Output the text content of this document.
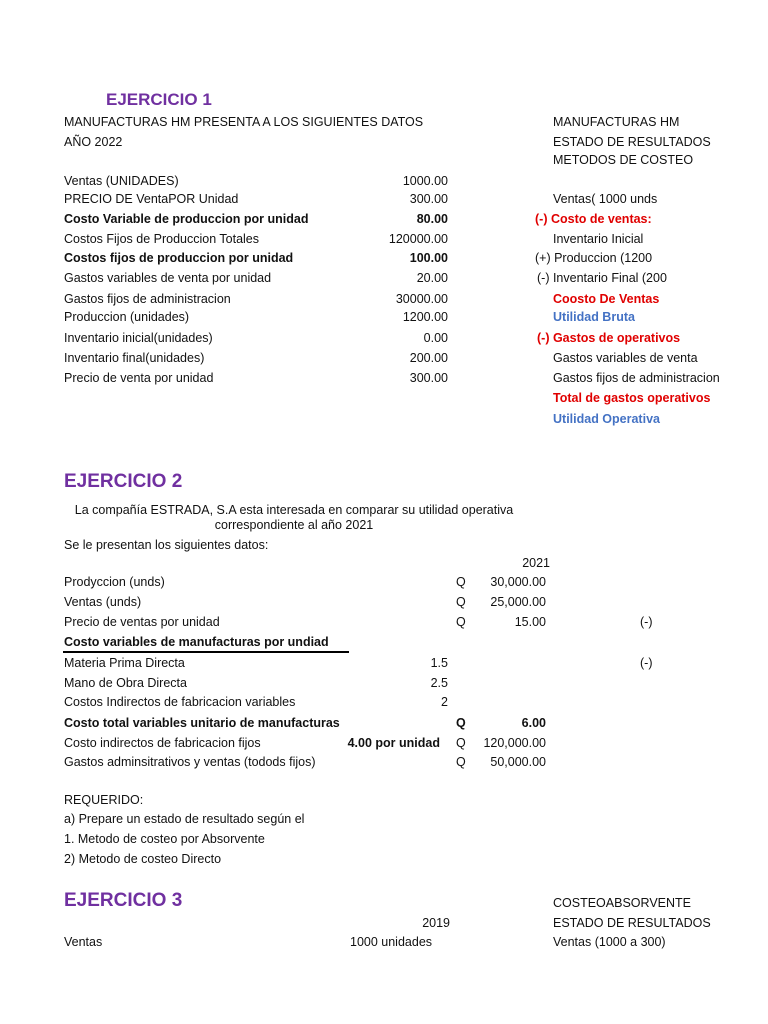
EJERCICIO 1
MANUFACTURAS HM PRESENTA A LOS SIGUIENTES DATOS
AÑO 2022
Ventas (UNIDADES)	1000.00
PRECIO DE VentaPOR Unidad	300.00
Costo Variable de produccion por unidad	80.00
Costos Fijos de Produccion Totales	120000.00
Costos fijos de produccion por unidad	100.00
Gastos variables de venta por unidad	20.00
Gastos fijos de administracion	30000.00
Produccion (unidades)	1200.00
Inventario inicial(unidades)	0.00
Inventario final(unidades)	200.00
Precio de venta por unidad	300.00
MANUFACTURAS HM
ESTADO DE RESULTADOS
METODOS DE COSTEO
Ventas( 1000 unds
(-) Costo de ventas:
Inventario Inicial
(+) Produccion (1200
(-) Inventario Final (200
Coosto De Ventas
Utilidad Bruta
(-) Gastos de operativos
Gastos variables de venta
Gastos fijos de administracion
Total de gastos operativos
Utilidad Operativa
EJERCICIO 2
La compañía ESTRADA, S.A esta interesada en comparar su utilidad operativa
correspondiente al año 2021
Se le presentan los siguientes datos:
2021
Prodyccion (unds)	Q	30,000.00
Ventas (unds)	Q	25,000.00
Precio de ventas por unidad	Q	15.00	(-)
Costo variables de manufacturas por undiad
Materia Prima Directa	1.5	(-)
Mano de Obra Directa	2.5
Costos Indirectos de fabricacion variables	2
Costo total variables unitario de manufacturas	Q	6.00
Costo indirectos de fabricacion fijos	4.00 por unidad Q	120,000.00
Gastos adminsitrativos y ventas (todods fijos)	Q	50,000.00
REQUERIDO:
a) Prepare un estado de resultado según el
1. Metodo de costeo por Absorvente
2) Metodo de costeo Directo
EJERCICIO 3	COSTEOABSORVENTE
2019	ESTADO DE RESULTADOS
Ventas	1000 unidades	Ventas (1000 a 300)
